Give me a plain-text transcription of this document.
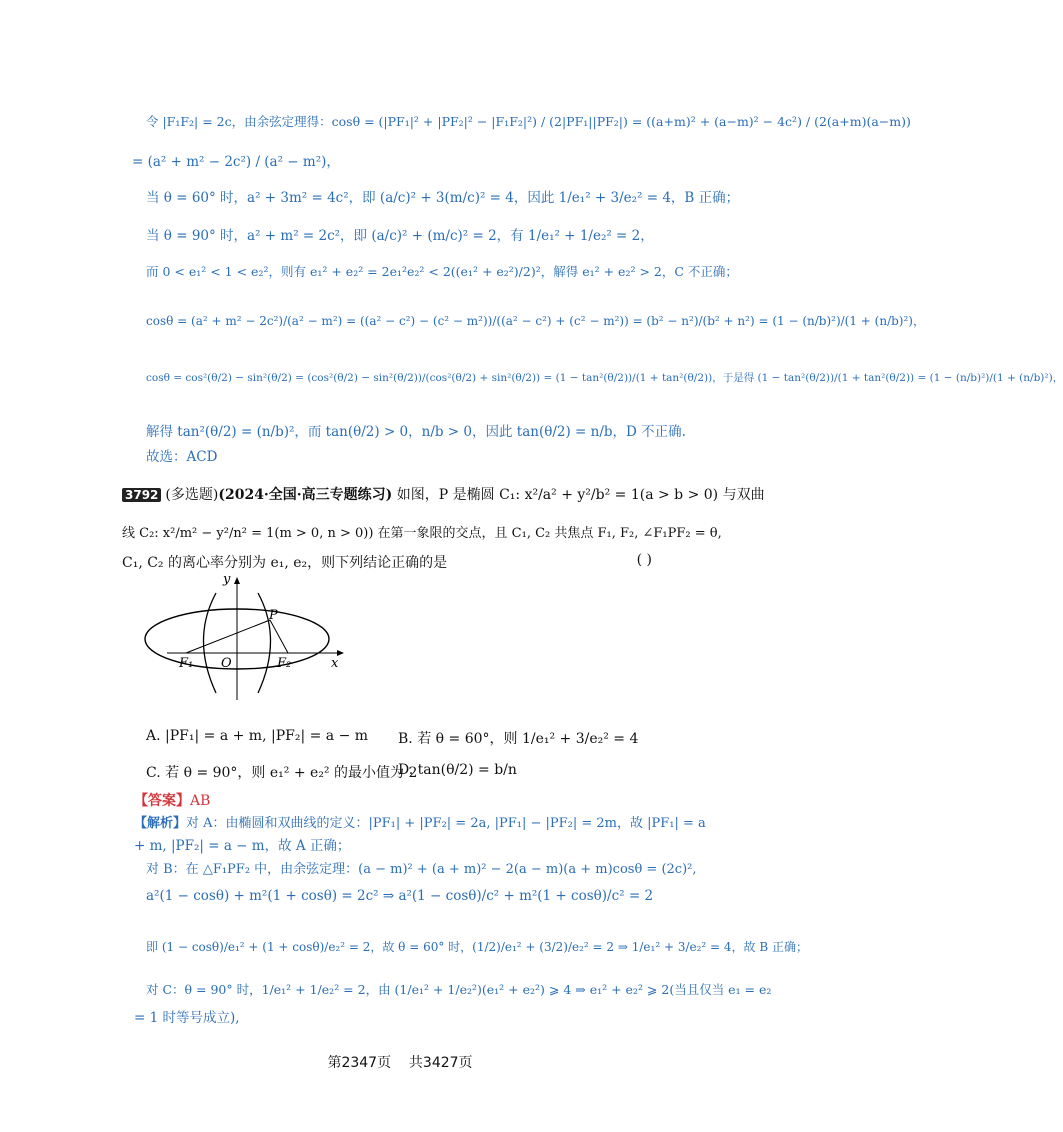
令 |F₁F₂| = 2c，由余弦定理得：cosθ = (|PF₁|² + |PF₂|² − |F₁F₂|²) / (2|PF₁||PF₂|) = ((a+m)² + (a−m)² − 4c²) / (2(a+m)(a−m))
= (a² + m² − 2c²) / (a² − m²)，
当 θ = 60° 时，a² + 3m² = 4c²，即 (a/c)² + 3(m/c)² = 4，因此 1/e₁² + 3/e₂² = 4，B 正确；
当 θ = 90° 时，a² + m² = 2c²，即 (a/c)² + (m/c)² = 2，有 1/e₁² + 1/e₂² = 2，
而 0 < e₁² < 1 < e₂²，则有 e₁² + e₂² = 2e₁²e₂² < 2((e₁² + e₂²)/2)²，解得 e₁² + e₂² > 2，C 不正确；
cosθ = (a² + m² − 2c²)/(a² − m²) = ((a² − c²) − (c² − m²))/((a² − c²) + (c² − m²)) = (b² − n²)/(b² + n²) = (1 − (n/b)²)/(1 + (n/b)²)，
cosθ = cos²(θ/2) − sin²(θ/2) = (cos²(θ/2) − sin²(θ/2))/(cos²(θ/2) + sin²(θ/2)) = (1 − tan²(θ/2))/(1 + tan²(θ/2))，于是得 (1 − tan²(θ/2))/(1 + tan²(θ/2)) = (1 − (n/b)²)/(1 + (n/b)²)，
解得 tan²(θ/2) = (n/b)²，而 tan(θ/2) > 0，n/b > 0，因此 tan(θ/2) = n/b，D 不正确.
故选：ACD
3792 (多选题)(2024·全国·高三专题练习) 如图，P 是椭圆 C₁: x²/a² + y²/b² = 1(a > b > 0) 与双曲
线 C₂: x²/m² − y²/n² = 1(m > 0, n > 0)) 在第一象限的交点，且 C₁, C₂ 共焦点 F₁, F₂, ∠F₁PF₂ = θ,
C₁, C₂ 的离心率分别为 e₁, e₂，则下列结论正确的是	( )
y
x
P
F₁ O	F₂
A. |PF₁| = a + m, |PF₂| = a − m B. 若 θ = 60°，则 1/e₁² + 3/e₂² = 4
C. 若 θ = 90°，则 e₁² + e₂² 的最小值为 2
D. tan(θ/2) = b/n
【答案】AB
【解析】对 A：由椭圆和双曲线的定义：|PF₁| + |PF₂| = 2a, |PF₁| − |PF₂| = 2m，故 |PF₁| = a
+ m, |PF₂| = a − m，故 A 正确；
对 B：在 △F₁PF₂ 中，由余弦定理：(a − m)² + (a + m)² − 2(a − m)(a + m)cosθ = (2c)²,
a²(1 − cosθ) + m²(1 + cosθ) = 2c² ⇒ a²(1 − cosθ)/c² + m²(1 + cosθ)/c² = 2
即 (1 − cosθ)/e₁² + (1 + cosθ)/e₂² = 2，故 θ = 60° 时，(1/2)/e₁² + (3/2)/e₂² = 2 ⇒ 1/e₁² + 3/e₂² = 4，故 B 正确；
对 C：θ = 90° 时，1/e₁² + 1/e₂² = 2，由 (1/e₁² + 1/e₂²)(e₁² + e₂²) ⩾ 4 ⇒ e₁² + e₂² ⩾ 2(当且仅当 e₁ = e₂
= 1 时等号成立),
第2347页 共3427页
